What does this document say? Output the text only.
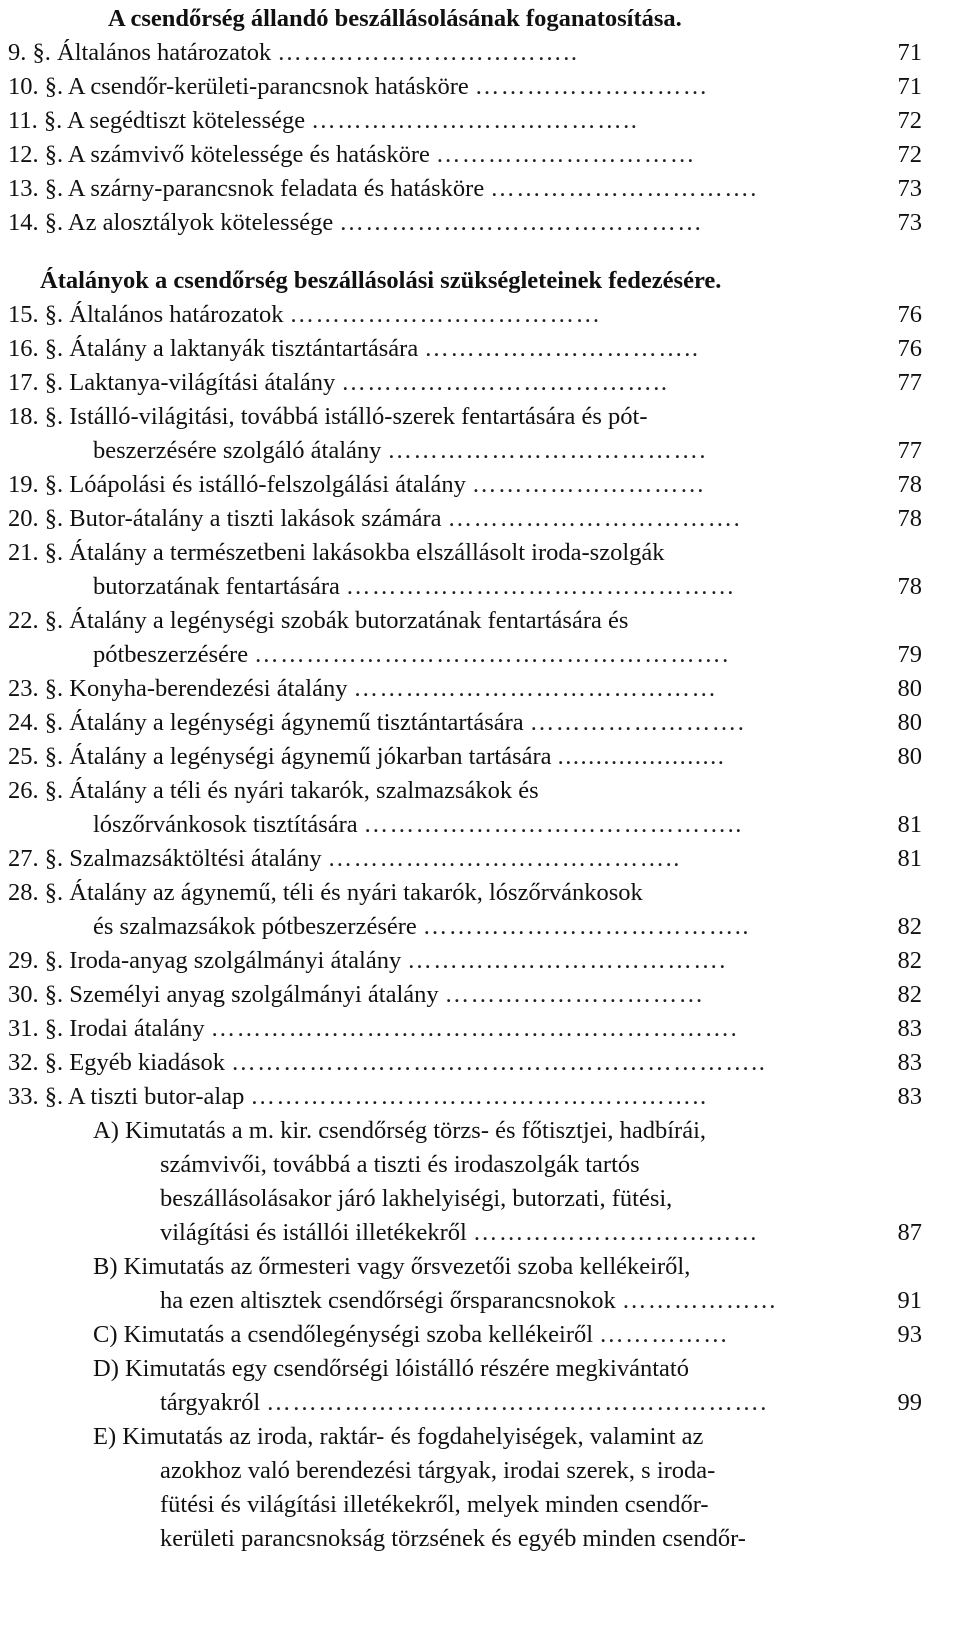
A csendőrség állandó beszállásolásának foganatosítása.
9. §. Általános határozatok	71
……………………………..
10. §. A csendőr-kerületi-parancsnok hatásköre	71
………………………
11. §. A segédtiszt kötelessége	72
………………………………..
12. §. A számvivő kötelessége és hatásköre	72
…………………………
13. §. A szárny-parancsnok feladata és hatásköre	73
………………………….
14. §. Az alosztályok kötelessége	73
……………………………………
Átalányok a csendőrség beszállásolási szükségleteinek fedezésére.
15. §. Általános határozatok	76
………………………………
16. §. Átalány a laktanyák tisztántartására	76
…………………………..
17. §. Laktanya-világítási átalány	77
………………………………..
18. §. Istálló-világitási, továbbá istálló-szerek fentartására és pót-
beszerzésére szolgáló átalány	77
……………………………….
19. §. Lóápolási és istálló-felszolgálási átalány	78
………………………
20. §. Butor-átalány a tiszti lakások számára	78
…………………………….
21. §. Átalány a természetbeni lakásokba elszállásolt iroda-szolgák
butorzatának fentartására	78
………………………………………
22. §. Átalány a legénységi szobák butorzatának fentartására és
pótbeszerzésére	79
……………………………………………….
23. §. Konyha-berendezési átalány	80
……………………………………
24. §. Átalány a legénységi ágynemű tisztántartására	80
…………………….
25. §. Átalány a legénységi ágynemű jókarban tartására	80
......................
26. §. Átalány a téli és nyári takarók, szalmazsákok és
lószőrvánkosok tisztítására	81
……………………………………..
27. §. Szalmazsáktöltési átalány	81
…………………………………..
28. §. Átalány az ágynemű, téli és nyári takarók, lószőrvánkosok
és szalmazsákok pótbeszerzésére	82
………………………………..
29. §. Iroda-anyag szolgálmányi átalány	82
……………………………….
30. §. Személyi anyag szolgálmányi átalány	82
…………………………
31. §. Irodai átalány	83
…………………………………………………….
32. §. Egyéb kiadások	83
……………………………………………………..
33. §. A tiszti butor-alap	83
……………………………………………..
A) Kimutatás a m. kir. csendőrség törzs- és főtisztjei, hadbírái,
számvivői, továbbá a tiszti és irodaszolgák tartós
beszállásolásakor járó lakhelyiségi, butorzati, fütési,
világítási és istállói illetékekről	87
……………………………
B) Kimutatás az őrmesteri vagy őrsvezetői szoba kellékeiről,
ha ezen altisztek csendőrségi őrsparancsnokok	91
………………
C) Kimutatás a csendőlegénységi szoba kellékeiről	93
……………
D) Kimutatás egy csendőrségi lóistálló részére megkivántató
tárgyakról	99
………………………………………………….
E) Kimutatás az iroda, raktár- és fogdahelyiségek, valamint az
azokhoz való berendezési tárgyak, irodai szerek, s iroda-
fütési és világítási illetékekről, melyek minden csendőr-
kerületi parancsnokság törzsének és egyéb minden csendőr-
